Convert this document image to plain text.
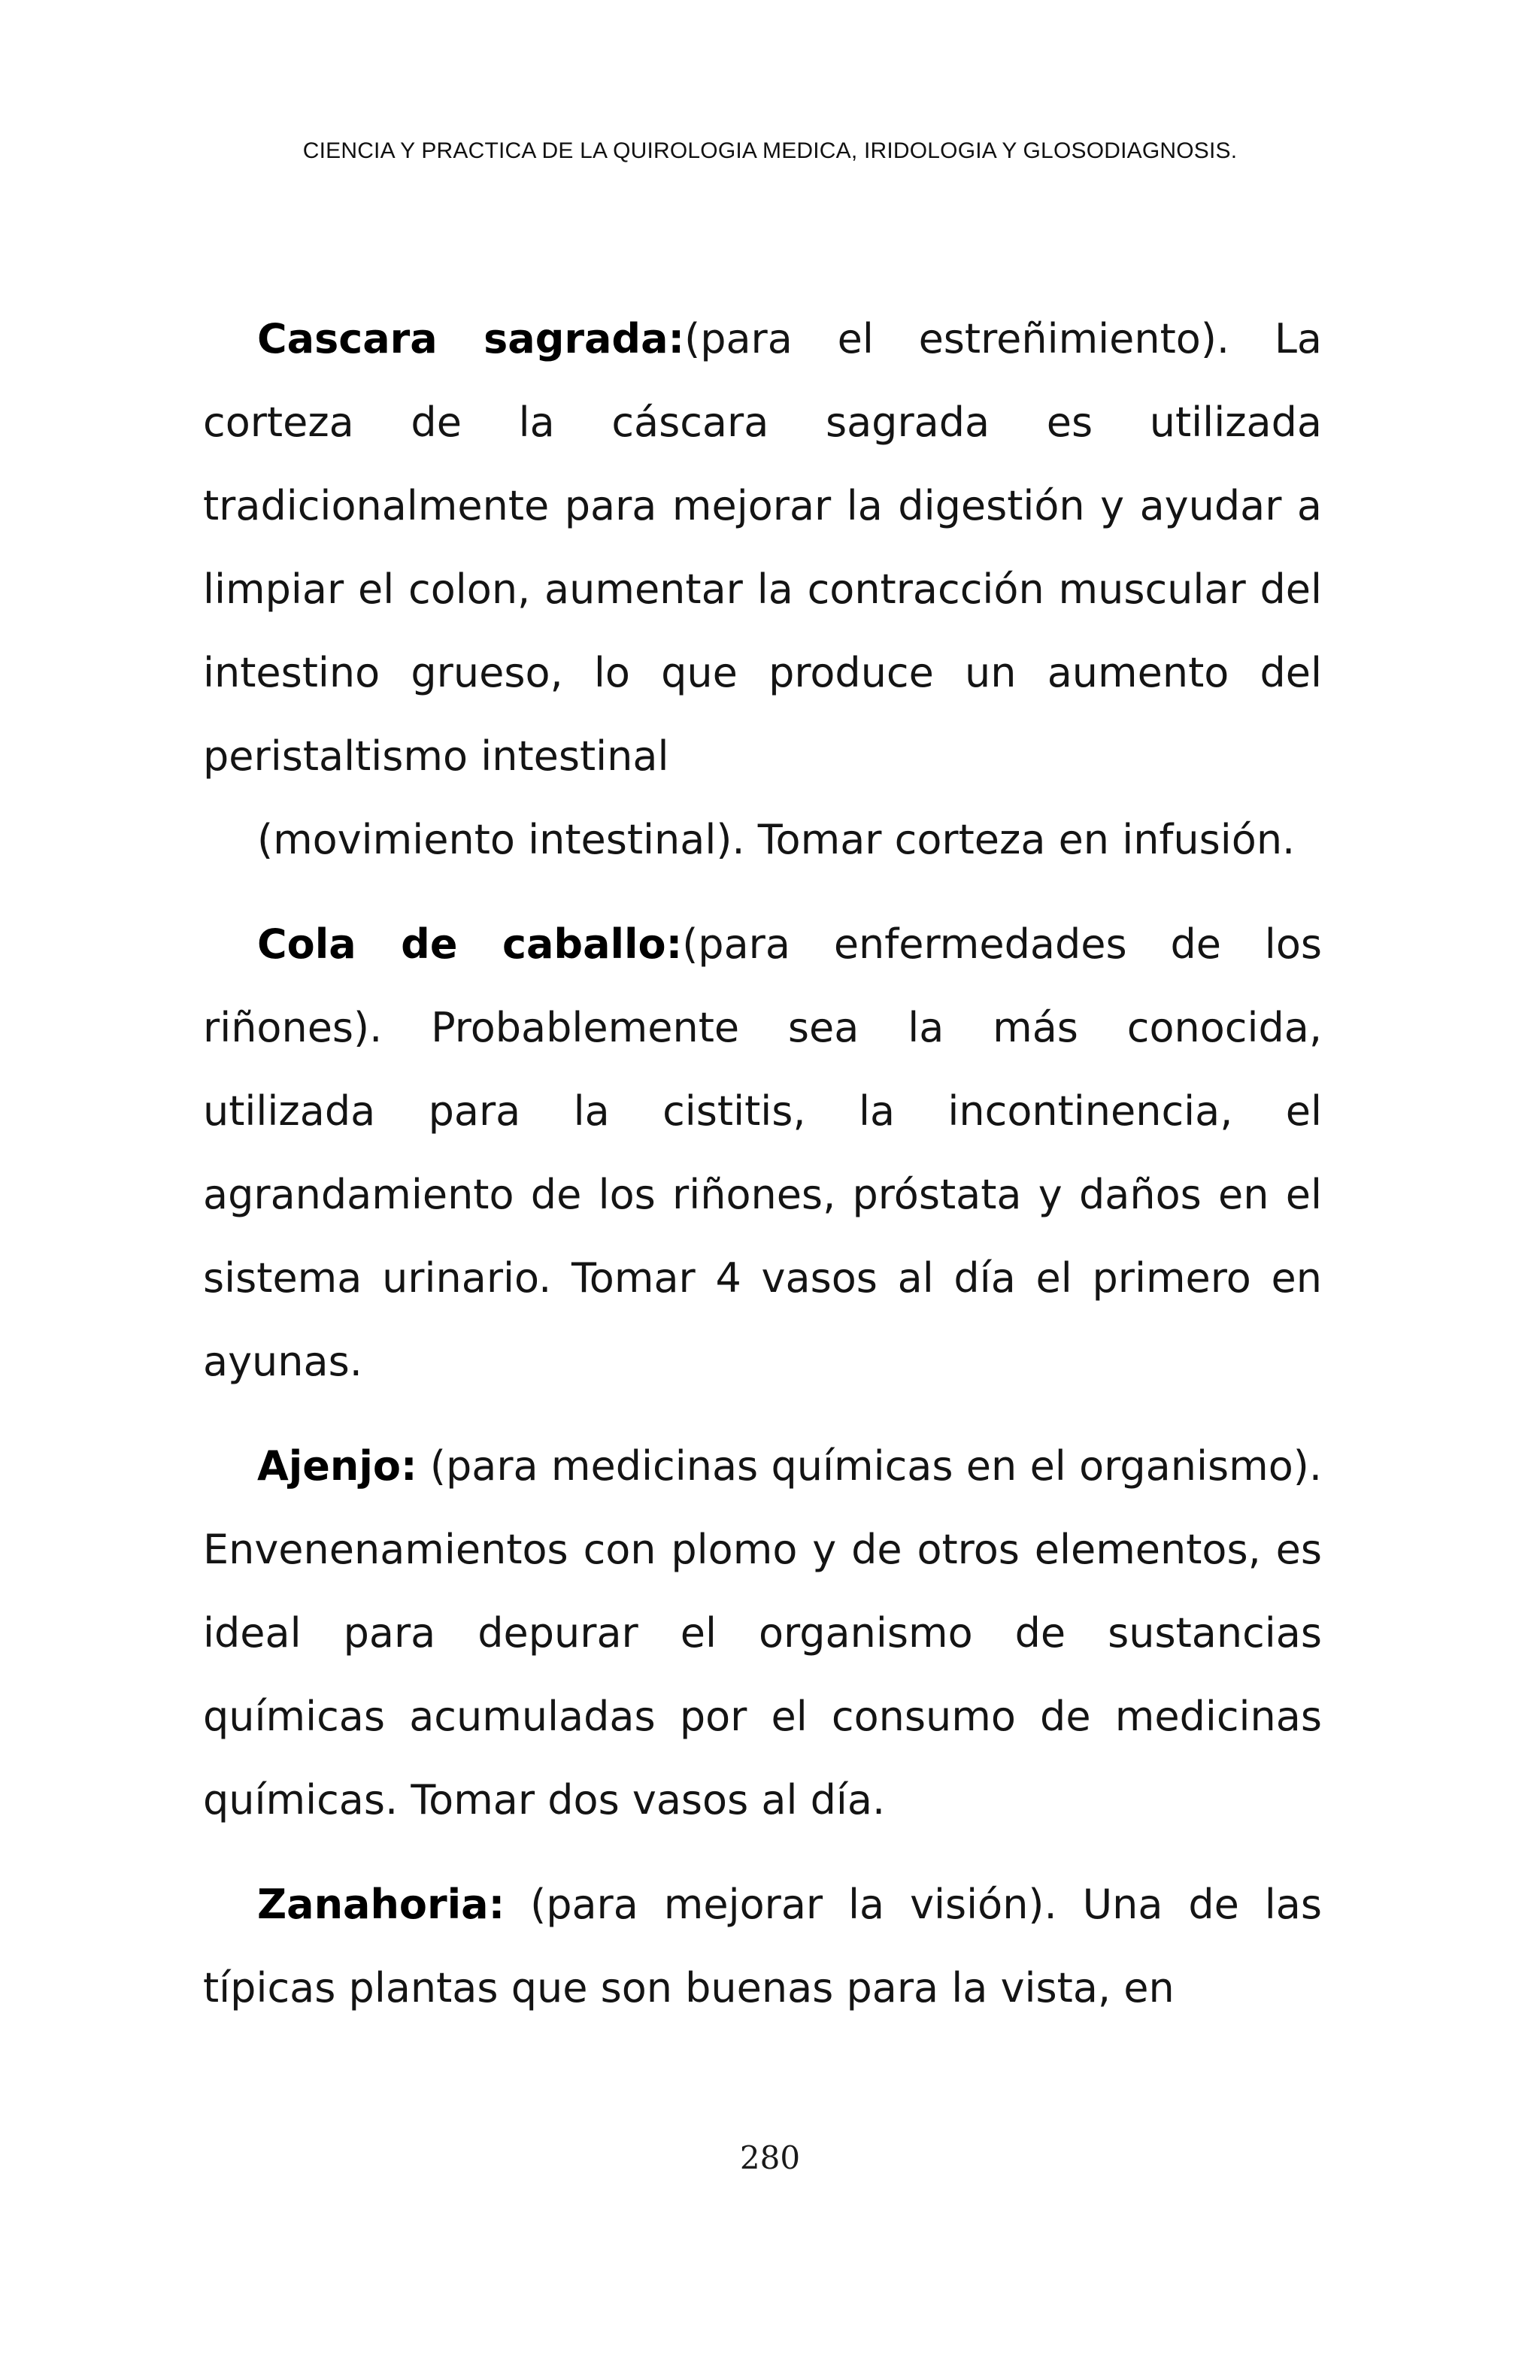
CIENCIA Y PRACTICA DE LA QUIROLOGIA MEDICA, IRIDOLOGIA Y GLOSODIAGNOSIS.

Cascara sagrada:(para el estreñimiento). La corteza de la cáscara sagrada es utilizada tradicionalmente para mejorar la digestión y ayudar a limpiar el colon, aumentar la contracción muscular del intestino grueso, lo que produce un aumento del peristaltismo intestinal
(movimiento intestinal). Tomar corteza en infusión.

Cola de caballo:(para enfermedades de los riñones). Probablemente sea la más conocida, utilizada para la cistitis, la incontinencia, el agrandamiento de los riñones, próstata y daños en el sistema urinario. Tomar 4 vasos al día el primero en ayunas.

Ajenjo: (para medicinas químicas en el organismo). Envenenamientos con plomo y de otros elementos, es ideal para depurar el organismo de sustancias químicas acumuladas por el consumo de medicinas químicas. Tomar dos vasos al día.

Zanahoria: (para mejorar la visión). Una de las típicas plantas que son buenas para la vista, en

280
